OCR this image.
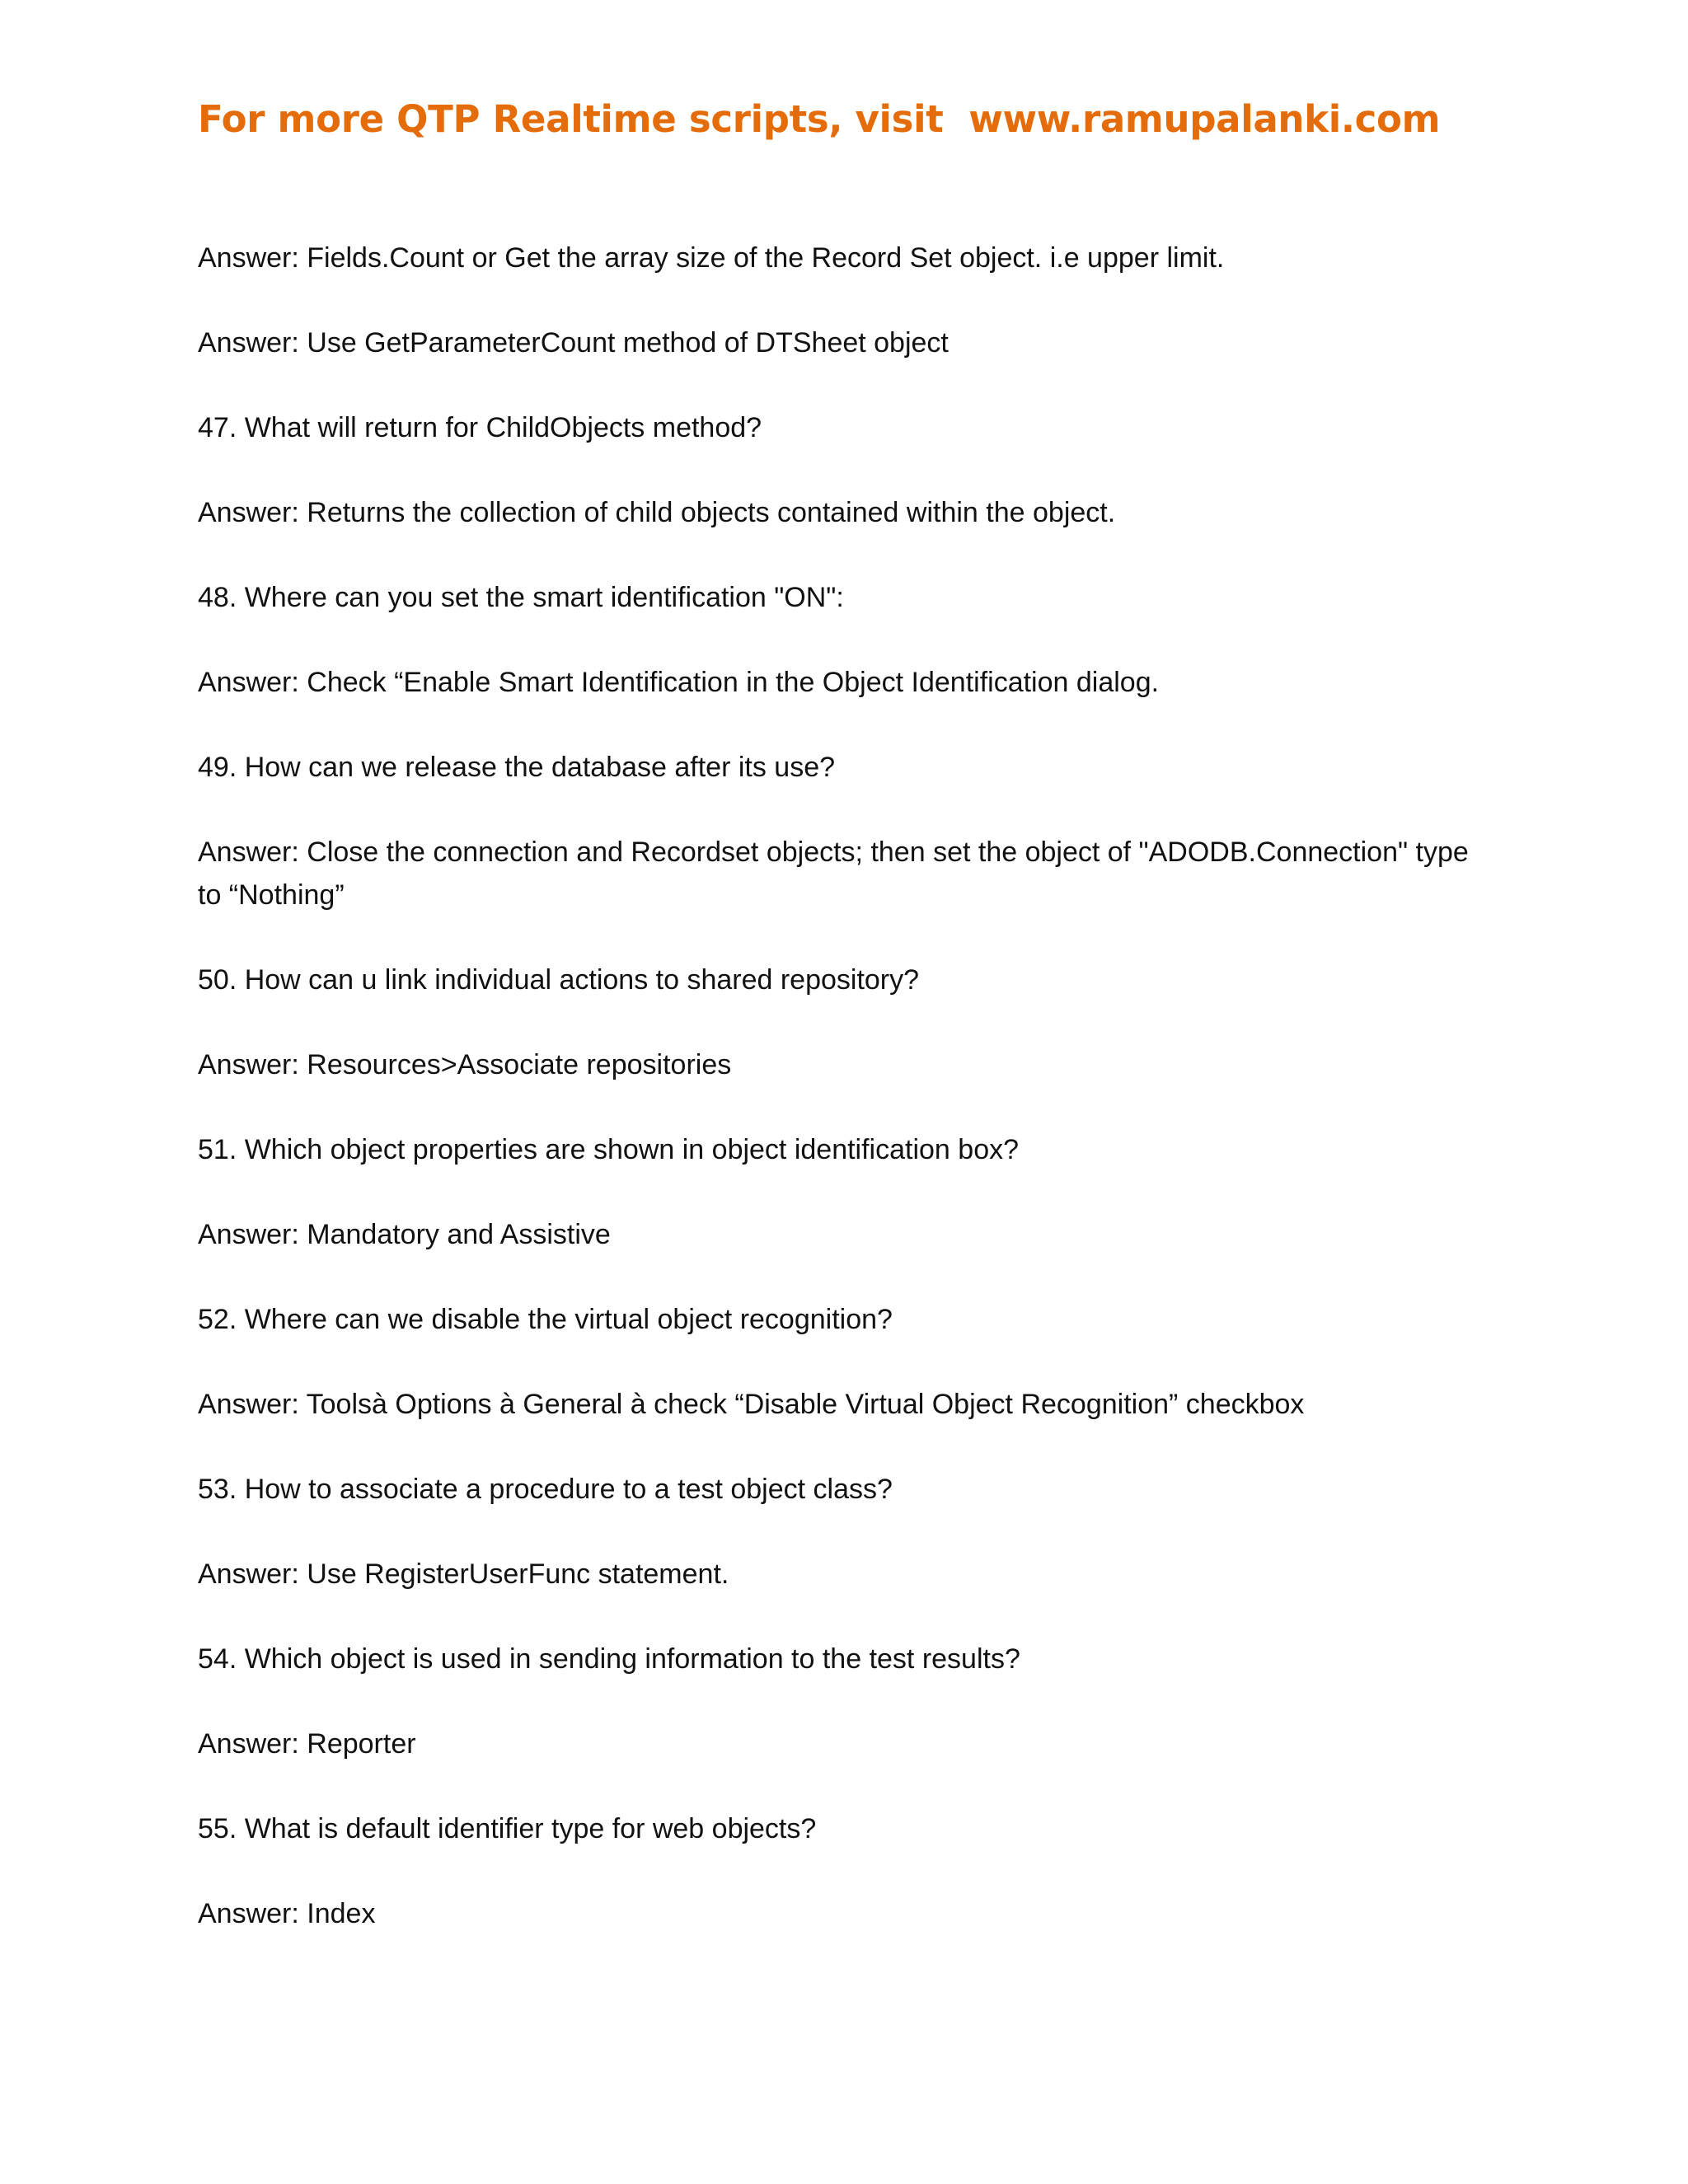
For more QTP Realtime scripts, visit  www.ramupalanki.com

Answer: Fields.Count or Get the array size of the Record Set object. i.e upper limit.

Answer: Use GetParameterCount method of DTSheet object

47. What will return for ChildObjects method?

Answer: Returns the collection of child objects contained within the object.

48. Where can you set the smart identification "ON":

Answer: Check “Enable Smart Identification in the Object Identification dialog.

49. How can we release the database after its use?

Answer: Close the connection and Recordset objects; then set the object of "ADODB.Connection" type to “Nothing”

50. How can u link individual actions to shared repository?

Answer: Resources>Associate repositories

51. Which object properties are shown in object identification box?

Answer: Mandatory and Assistive

52. Where can we disable the virtual object recognition?

Answer: Toolsà Options à General à check “Disable Virtual Object Recognition” checkbox

53. How to associate a procedure to a test object class?

Answer: Use RegisterUserFunc statement.

54. Which object is used in sending information to the test results?

Answer: Reporter

55. What is default identifier type for web objects?

Answer: Index
